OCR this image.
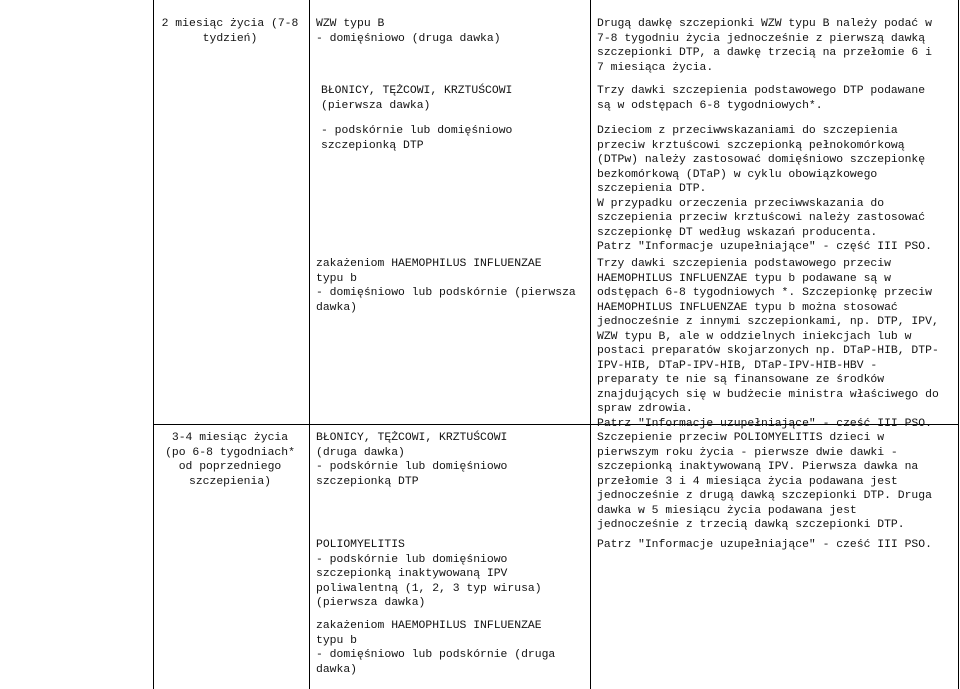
2 miesiąc życia (7-8
tydzień)
WZW typu B
- domięśniowo (druga dawka)
BŁONICY, TĘŻCOWI, KRZTUŚCOWI
(pierwsza dawka)
- podskórnie lub domięśniowo
szczepionką DTP
zakażeniom HAEMOPHILUS INFLUENZAE
typu b
- domięśniowo lub podskórnie (pierwsza
dawka)
Drugą dawkę szczepionki WZW typu B należy podać w
7-8 tygodniu życia jednocześnie z pierwszą dawką
szczepionki DTP, a dawkę trzecią na przełomie 6 i
7 miesiąca życia.
Trzy dawki szczepienia podstawowego DTP podawane
są w odstępach 6-8 tygodniowych*.
Dzieciom z przeciwwskazaniami do szczepienia
przeciw krztuścowi szczepionką pełnokomórkową
(DTPw) należy zastosować domięśniowo szczepionkę
bezkomórkową (DTaP) w cyklu obowiązkowego
szczepienia DTP.
W przypadku orzeczenia przeciwwskazania do
szczepienia przeciw krztuścowi należy zastosować
szczepionkę DT według wskazań producenta.
Patrz "Informacje uzupełniające" - część III PSO.
Trzy dawki szczepienia podstawowego przeciw
HAEMOPHILUS INFLUENZAE typu b podawane są w
odstępach 6-8 tygodniowych *. Szczepionkę przeciw
HAEMOPHILUS INFLUENZAE typu b można stosować
jednocześnie z innymi szczepionkami, np. DTP, IPV,
WZW typu B, ale w oddzielnych iniekcjach lub w
postaci preparatów skojarzonych np. DTaP-HIB, DTP-
IPV-HIB, DTaP-IPV-HIB, DTaP-IPV-HIB-HBV -
preparaty te nie są finansowane ze środków
znajdujących się w budżecie ministra właściwego do
spraw zdrowia.
Patrz "Informacje uzupełniające" - cześć III PSO.
3-4 miesiąc życia
(po 6-8 tygodniach*
od poprzedniego
szczepienia)
BŁONICY, TĘŻCOWI, KRZTUŚCOWI
(druga dawka)
- podskórnie lub domięśniowo
szczepionką DTP
POLIOMYELITIS
- podskórnie lub domięśniowo
szczepionką inaktywowaną IPV
poliwalentną (1, 2, 3 typ wirusa)
(pierwsza dawka)
zakażeniom HAEMOPHILUS INFLUENZAE
typu b
- domięśniowo lub podskórnie (druga
dawka)
Szczepienie przeciw POLIOMYELITIS dzieci w
pierwszym roku życia - pierwsze dwie dawki -
szczepionką inaktywowaną IPV. Pierwsza dawka na
przełomie 3 i 4 miesiąca życia podawana jest
jednocześnie z drugą dawką szczepionki DTP. Druga
dawka w 5 miesiącu życia podawana jest
jednocześnie z trzecią dawką szczepionki DTP.
Patrz "Informacje uzupełniające" - cześć III PSO.
